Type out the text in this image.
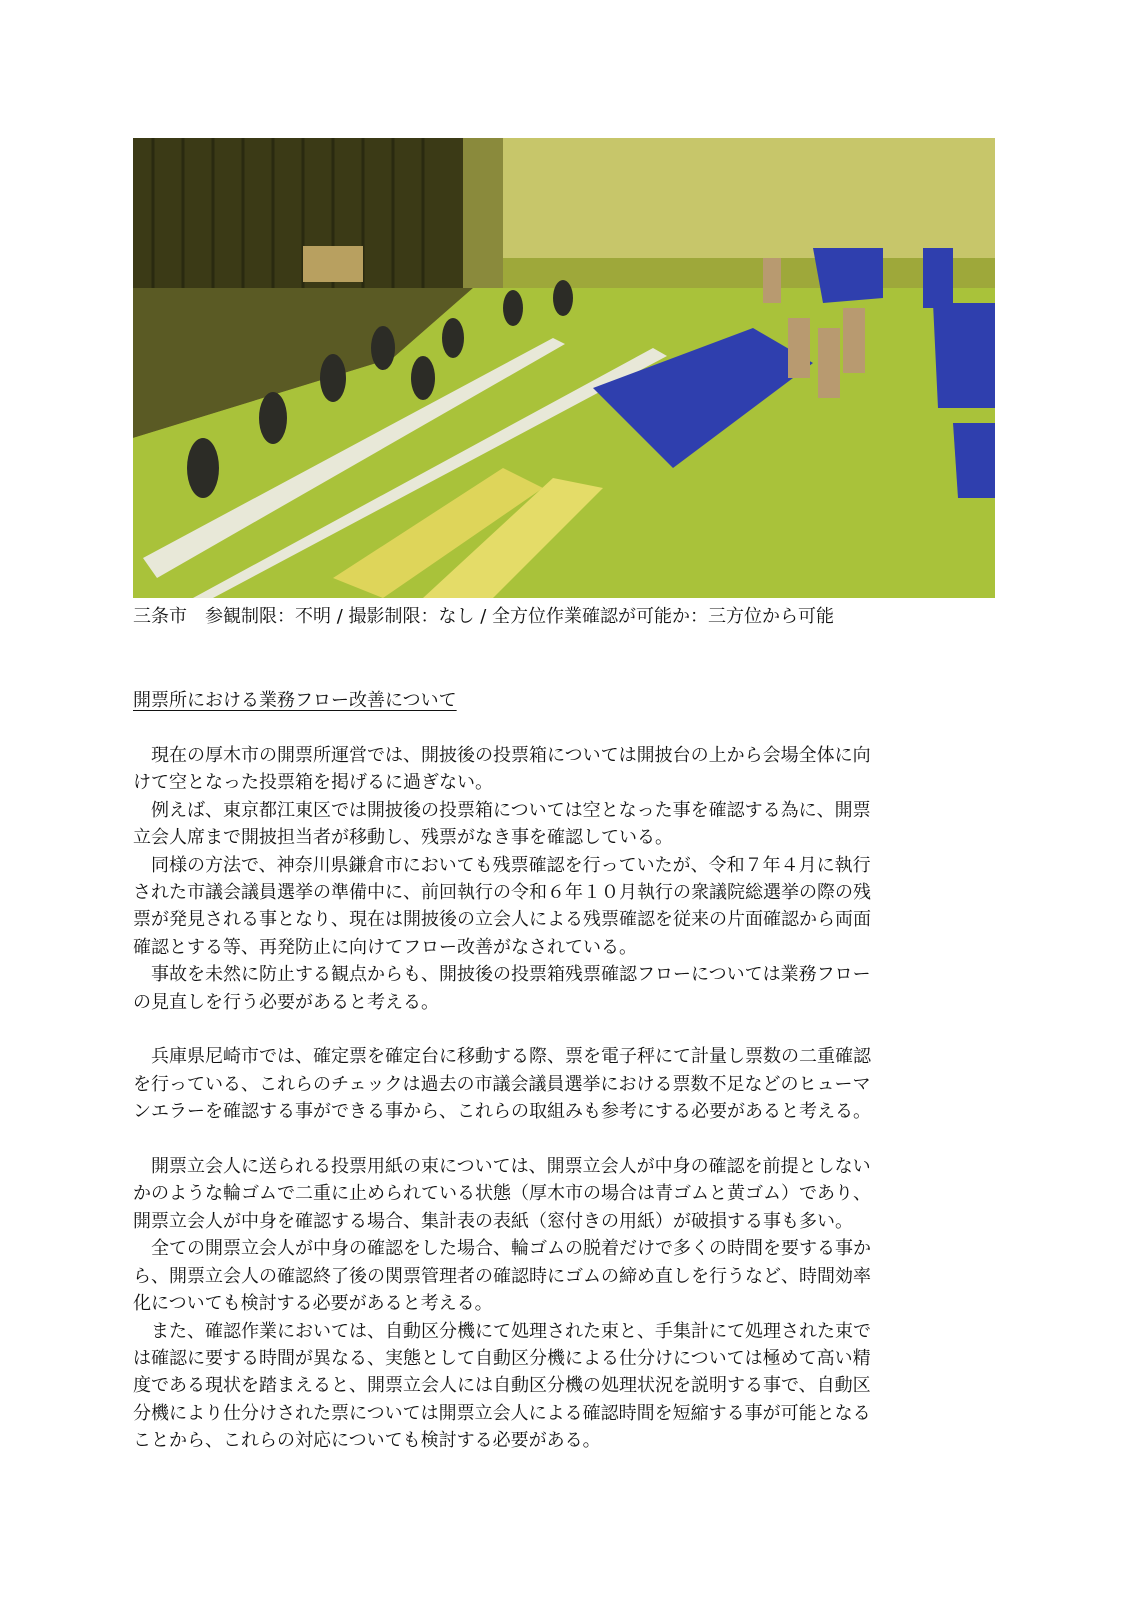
三条市　参観制限：不明 / 撮影制限：なし / 全方位作業確認が可能か：三方位から可能
開票所における業務フロー改善について

　現在の厚木市の開票所運営では、開披後の投票箱については開披台の上から会場全体に向

けて空となった投票箱を掲げるに過ぎない。

　例えば、東京都江東区では開披後の投票箱については空となった事を確認する為に、開票

立会人席まで開披担当者が移動し、残票がなき事を確認している。

　同様の方法で、神奈川県鎌倉市においても残票確認を行っていたが、令和７年４月に執行

された市議会議員選挙の準備中に、前回執行の令和６年１０月執行の衆議院総選挙の際の残

票が発見される事となり、現在は開披後の立会人による残票確認を従来の片面確認から両面

確認とする等、再発防止に向けてフロー改善がなされている。

　事故を未然に防止する観点からも、開披後の投票箱残票確認フローについては業務フロー

の見直しを行う必要があると考える。

　兵庫県尼崎市では、確定票を確定台に移動する際、票を電子秤にて計量し票数の二重確認

を行っている、これらのチェックは過去の市議会議員選挙における票数不足などのヒューマ

ンエラーを確認する事ができる事から、これらの取組みも参考にする必要があると考える。

　開票立会人に送られる投票用紙の束については、開票立会人が中身の確認を前提としない

かのような輪ゴムで二重に止められている状態（厚木市の場合は青ゴムと黄ゴム）であり、

開票立会人が中身を確認する場合、集計表の表紙（窓付きの用紙）が破損する事も多い。

　全ての開票立会人が中身の確認をした場合、輪ゴムの脱着だけで多くの時間を要する事か

ら、開票立会人の確認終了後の関票管理者の確認時にゴムの締め直しを行うなど、時間効率

化についても検討する必要があると考える。

　また、確認作業においては、自動区分機にて処理された束と、手集計にて処理された束で

は確認に要する時間が異なる、実態として自動区分機による仕分けについては極めて高い精

度である現状を踏まえると、開票立会人には自動区分機の処理状況を説明する事で、自動区

分機により仕分けされた票については開票立会人による確認時間を短縮する事が可能となる

ことから、これらの対応についても検討する必要がある。
